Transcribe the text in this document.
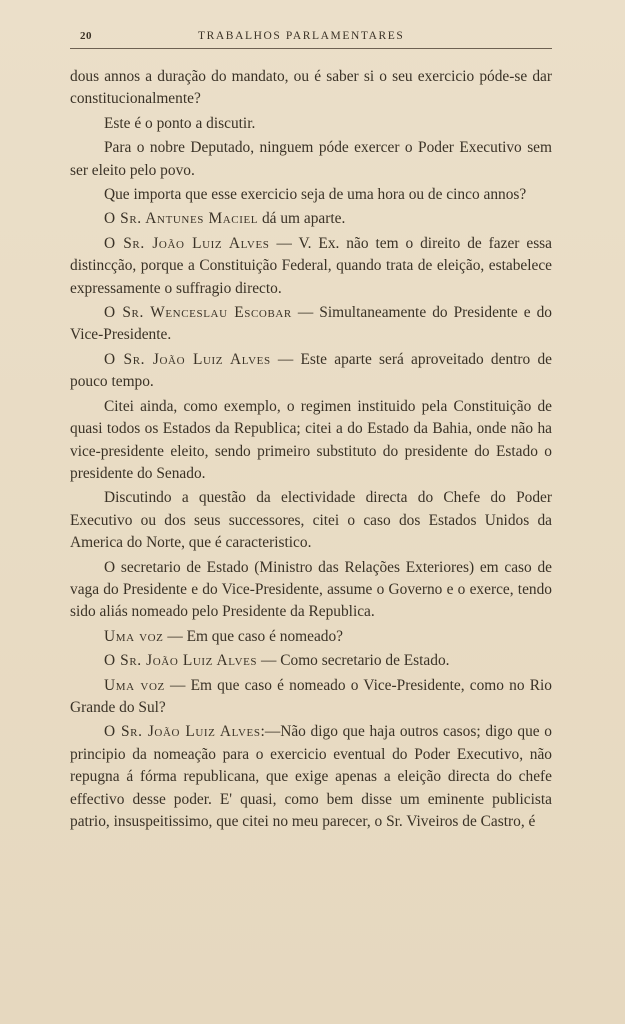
20	TRABALHOS PARLAMENTARES

dous annos a duração do mandato, ou é saber si o seu exercicio póde-se dar constitucionalmente?

Este é o ponto a discutir.

Para o nobre Deputado, ninguem póde exercer o Poder Executivo sem ser eleito pelo povo.

Que importa que esse exercicio seja de uma hora ou de cinco annos?

O Sr. Antunes Maciel dá um aparte.

O Sr. João Luiz Alves — V. Ex. não tem o direito de fazer essa distincção, porque a Constituição Federal, quando trata de eleição, estabelece expressamente o suffragio directo.

O Sr. Wenceslau Escobar — Simultaneamente do Presidente e do Vice-Presidente.

O Sr. João Luiz Alves — Este aparte será aproveitado dentro de pouco tempo.

Citei ainda, como exemplo, o regimen instituido pela Constituição de quasi todos os Estados da Republica; citei a do Estado da Bahia, onde não ha vice-presidente eleito, sendo primeiro substituto do presidente do Estado o presidente do Senado.

Discutindo a questão da electividade directa do Chefe do Poder Executivo ou dos seus successores, citei o caso dos Estados Unidos da America do Norte, que é caracteristico.

O secretario de Estado (Ministro das Relações Exteriores) em caso de vaga do Presidente e do Vice-Presidente, assume o Governo e o exerce, tendo sido aliás nomeado pelo Presidente da Republica.

Uma voz — Em que caso é nomeado?

O Sr. João Luiz Alves — Como secretario de Estado.

Uma voz — Em que caso é nomeado o Vice-Presidente, como no Rio Grande do Sul?

O Sr. João Luiz Alves:—Não digo que haja outros casos; digo que o principio da nomeação para o exercicio eventual do Poder Executivo, não repugna á fórma republicana, que exige apenas a eleição directa do chefe effectivo desse poder. E' quasi, como bem disse um eminente publicista patrio, insuspeitissimo, que citei no meu parecer, o Sr. Viveiros de Castro, é
